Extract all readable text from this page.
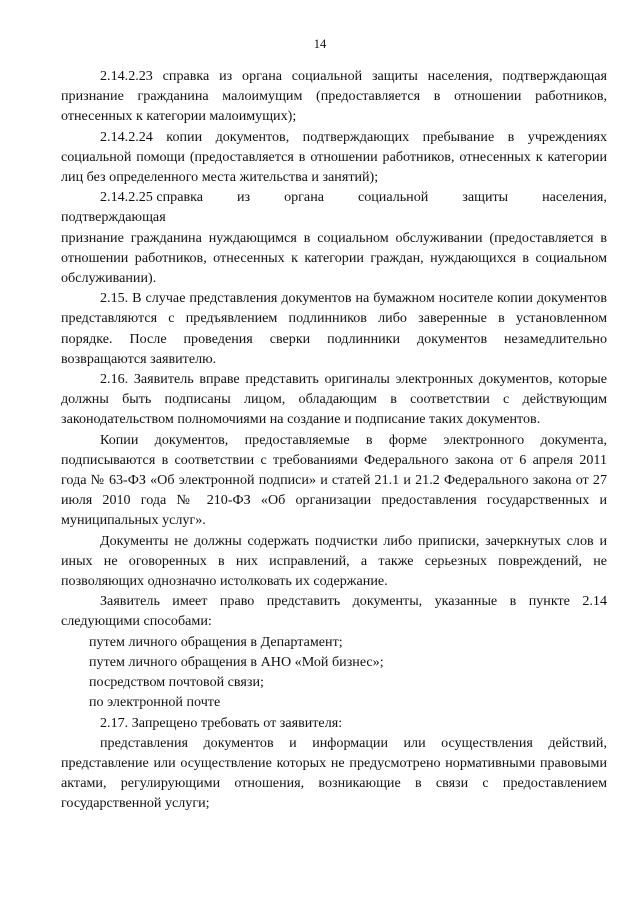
14

2.14.2.23 справка из органа социальной защиты населения, подтверждающая признание гражданина малоимущим (предоставляется в отношении работников, отнесенных к категории малоимущих);

2.14.2.24 копии документов, подтверждающих пребывание в учреждениях социальной помощи (предоставляется в отношении работников, отнесенных к категории лиц без определенного места жительства и занятий);

2.14.2.25 справка из органа социальной защиты населения,
подтверждающая
признание гражданина нуждающимся в социальном обслуживании (предоставляется в отношении работников, отнесенных к категории граждан, нуждающихся в социальном обслуживании).

2.15. В случае представления документов на бумажном носителе копии документов представляются с предъявлением подлинников либо заверенные в установленном порядке. После проведения сверки подлинники документов незамедлительно возвращаются заявителю.

2.16. Заявитель вправе представить оригиналы электронных документов, которые должны быть подписаны лицом, обладающим в соответствии с действующим законодательством полномочиями на создание и подписание таких документов.

Копии документов, предоставляемые в форме электронного документа, подписываются в соответствии с требованиями Федерального закона от 6 апреля 2011 года № 63-ФЗ «Об электронной подписи» и статей 21.1 и 21.2 Федерального закона от 27 июля 2010 года № 210-ФЗ «Об организации предоставления государственных и муниципальных услуг».

Документы не должны содержать подчистки либо приписки, зачеркнутых слов и иных не оговоренных в них исправлений, а также серьезных повреждений, не позволяющих однозначно истолковать их содержание.

Заявитель имеет право представить документы, указанные в пункте 2.14 следующими способами:

путем личного обращения в Департамент;

путем личного обращения в АНО «Мой бизнес»;

посредством почтовой связи;

по электронной почте

2.17. Запрещено требовать от заявителя:

представления документов и информации или осуществления действий, представление или осуществление которых не предусмотрено нормативными правовыми актами, регулирующими отношения, возникающие в связи с предоставлением государственной услуги;
